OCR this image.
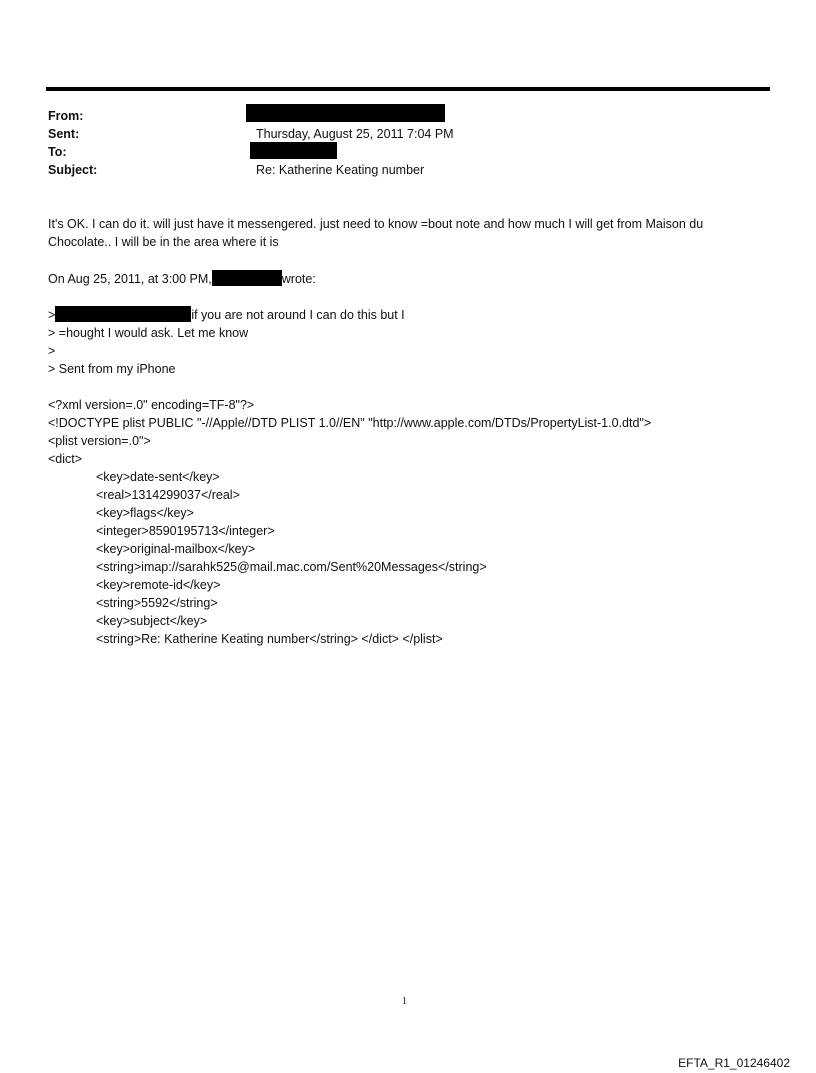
From:
Sent:	Thursday, August 25, 2011 7:04 PM
To:
Subject:	Re: Katherine Keating number
It's OK. I can do it. will just have it messengered. just need to know =bout note and how much I will get from Maison du Chocolate.. I will be in the area where it is
On Aug 25, 2011, at 3:00 PM,	wrote:
>	if you are not around I can do this but I
> =hought I would ask. Let me know
>
> Sent from my iPhone
<?xml version=.0" encoding=TF-8"?>
<!DOCTYPE plist PUBLIC "-//Apple//DTD PLIST 1.0//EN" "http://www.apple.com/DTDs/PropertyList-1.0.dtd">
<plist version=.0">
<dict>
<key>date-sent</key>
<real>1314299037</real>
<key>flags</key>
<integer>8590195713</integer>
<key>original-mailbox</key>
<string>imap://sarahk525@mail.mac.com/Sent%20Messages</string>
<key>remote-id</key>
<string>5592</string>
<key>subject</key>
<string>Re: Katherine Keating number</string> </dict> </plist>
1
EFTA_R1_01246402
